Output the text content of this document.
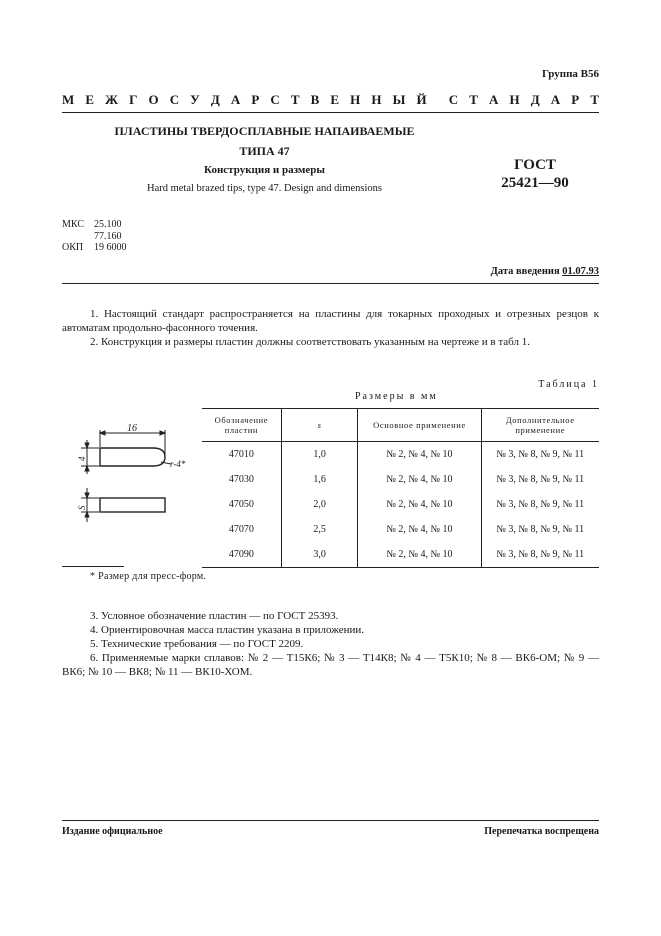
Группа В56
М Е Ж Г О С У Д А Р С Т В Е Н Н Ы Й С Т А Н Д А Р Т
ПЛАСТИНЫ ТВЕРДОСПЛАВНЫЕ НАПАИВАЕМЫЕ
ТИПА 47
Конструкция и размеры
Hard metal brazed tips, type 47. Design and dimensions
ГОСТ
25421—90
МКС	25.100
77.160
ОКП	19 6000
Дата введения 01.07.93
1. Настоящий стандарт распространяется на пластины для токарных проходных и отрезных резцов к автоматам продольно-фасонного точения.
2. Конструкция и размеры пластин должны соответствовать указанным на чертеже и в табл 1.
Таблица 1
Размеры в мм
16
4
S
r-4*
Обозначение пластин	s	Основное применение	Дополнительное применение
47010	1,0	№ 2, № 4, № 10	№ 3, № 8, № 9, № 11
47030	1,6	№ 2, № 4, № 10	№ 3, № 8, № 9, № 11
47050	2,0	№ 2, № 4, № 10	№ 3, № 8, № 9, № 11
47070	2,5	№ 2, № 4, № 10	№ 3, № 8, № 9, № 11
47090	3,0	№ 2, № 4, № 10	№ 3, № 8, № 9, № 11
* Размер для пресс-форм.
3. Условное обозначение пластин — по ГОСТ 25393.
4. Ориентировочная масса пластин указана в приложении.
5. Технические требования — по ГОСТ 2209.
6. Применяемые марки сплавов: № 2 — Т15К6; № 3 — Т14К8; № 4 — Т5К10; № 8 — ВК6-ОМ; № 9 — ВК6; № 10 — ВК8; № 11 — ВК10-ХОМ.
Издание официальное	Перепечатка воспрещена
